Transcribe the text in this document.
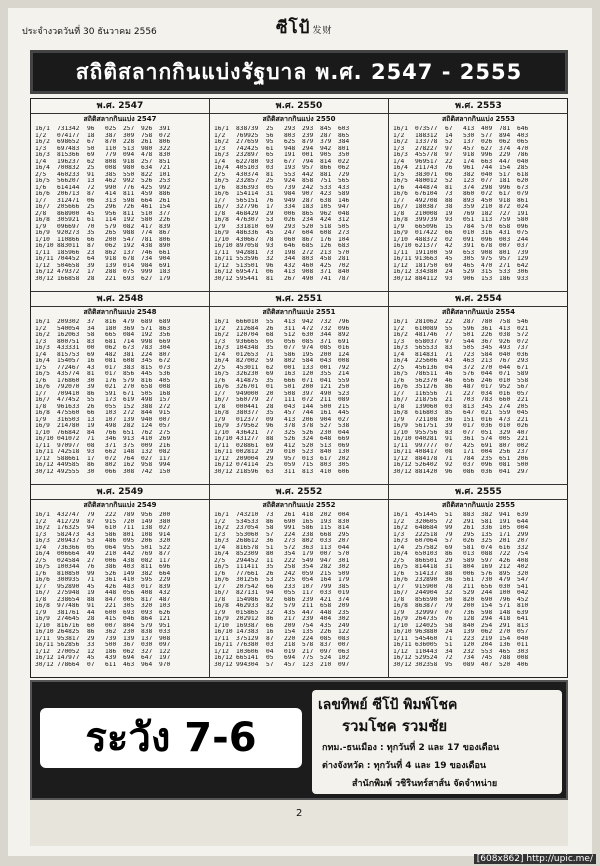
ประจำงวดวันที่ 30 ธันวาคม 2556	ซีโป้ 发财
สถิติสลากกินแบ่งรัฐบาล พ.ศ. 2547 - 2555
พ.ศ. 2547
สถิติสลากกินแบ่ง 2547
16/1	731342	96	025	257	926	391
1/2	074177	18	387	309	758	072
16/2	698652	67	870	228	261	806
1/3	697483	50	110	513	980	322
16/3	815366	69	779	094	478	830
1/4	196237	62	808	918	257	851
16/4	700832	25	008	980	634	721
2/5	460233	91	385	550	822	101
16/5	566207	13	462	992	526	253
1/6	614144	72	990	776	425	992
16/6	206713	87	414	811	459	886
1/7	312471	06	313	598	664	261
16/7	205666	25	296	726	461	154
2/8	868900	45	956	811	510	377
16/8	305921	61	114	192	580	226
1/9	096697	70	579	082	417	839
16/9	920273	35	265	988	774	867
1/10	110866	66	200	547	781	806
16/10 883011	87	062	192	438	890
1/11	185966	23	862	137	746	661
16/11 704452	64	918	678	734	904
1/12	504658	39	139	014	984	691
16/12 479372	17	288	075	999	183
30/12 166858	28	221	693	627	179
พ.ศ. 2550
สถิติสลากกินแบ่ง 2550
16/1	838739	25	293	293	845	603
1/2	769925	56	803	239	287	865
16/2	277659	95	625	879	379	384
1/3	742425	61	948	294	942	801
16/3	232897	65	191	001	905	350
1/4	622780	93	677	794	814	022
16/4	405103	03	193	957	866	062
2/5	430374	81	553	442	881	729
16/5	232857	25	924	858	751	565
1/6	836393	05	739	242	533	433
16/6	154114	31	984	907	423	589
1/7	565151	76	949	287	638	146
16/7	327796	17	334	183	105	947
1/8	468429	29	006	865	962	048
16/8	476307	53	026	234	424	312
1/9	331810	69	293	520	518	505
16/9	486336	45	247	604	608	273
1/10	430667	78	060	867	176	104
16/10 897058	93	646	685	126	683
1/11	942881	73	198	272	213	570
16/11 553596	32	344	803	458	281
1/12	513501	96	432	460	425	702
16/12 695471	06	413	908	371	840
30/12 595441	81	267	490	741	787
พ.ศ. 2553
สถิติสลากกินแบ่ง 2553
16/1	073577	67	413	409	781	646
1/2	188312	14	530	577	894	403
16/2	133778	52	137	026	062	065
1/3	278227	97	457	627	374	470
16/3	455778	97	918	996	229	786
1/4	969517	22	174	663	447	040
16/4	211743	76	961	744	154	285
1/5	383071	06	382	040	517	618
16/5	480012	52	123	077	181	620
1/6	444874	81	374	298	996	673
16/6	676104	73	860	072	617	079
1/7	492708	88	893	450	918	861
16/7	180387	38	359	210	872	024
1/8	210008	19	769	182	727	191
16/8	399739	93	051	113	759	580
1/9	665096	15	784	570	658	096
16/9	017422	66	010	316	431	075
1/10	488372	02	091	096	003	244
16/10 621377	42	391	678	007	037
1/11	191100	59	653	908	801	739
16/11 913663	45	305	975	957	129
1/12	181750	69	465	470	271	642
16/12 334380	24	529	315	533	306
30/12 884112	93	906	153	186	933
พ.ศ. 2548
สถิติสลากกินแบ่ง 2548
16/1	209302	37	816	479	689	689
1/2	540054	34	180	369	571	863
16/2	162063	58	665	084	192	356
1/3	800751	83	681	714	998	669
16/3	433331	00	062	673	783	304
1/4	815753	69	482	381	224	807
16/4	154057	16	081	608	345	672
1/5	772467	43	017	383	815	073
16/5	435774	81	017	856	445	536
1/6	176860	30	176	579	816	405
16/6	792070	39	021	270	658	008
1/7	709410	86	591	671	505	168
16/7	477452	55	173	619	498	157
1/8	961633	26	055	152	388	272
16/8	475560	66	103	272	844	915
1/9	316503	13	107	139	940	007
16/9	214780	19	498	282	124	057
1/10	766842	84	766	651	762	275
16/10 041072	71	346	913	410	269
1/11	970977	08	371	375	009	216
16/11 742518	93	662	148	132	082
1/12	588661	17	072	764	027	117
16/12 449585	86	802	162	958	994
30/12 492555	30	066	308	742	150
พ.ศ. 2551
สถิติสลากกินแบ่ง 2551
16/1	666010	55	413	942	732	796
1/2	212684	26	311	472	732	096
16/2	120704	68	512	630	344	892
1/3	936665	05	056	085	371	691
16/3	104348	35	077	974	085	016
1/4	012653	71	586	195	200	124
16/4	827002	59	802	584	043	008
2/5	453011	62	001	133	001	792
16/5	326230	69	163	120	355	214
1/6	414875	35	666	071	041	559
16/6	326701	01	501	200	121	250
1/7	949000	20	508	397	490	523
16/7	560779	27	111	072	211	089
1/8	000441	28	043	144	500	215
16/8	380377	35	457	744	161	445
1/9	012377	09	413	206	904	027
16/9	379562	96	378	378	527	538
1/10	436421	77	325	526	230	044
16/10 431277	88	526	324	648	669
1/11	028861	69	412	520	513	069
16/11 002812	29	010	523	840	130
1/12	209004	29	957	013	617	202
16/12 074114	25	059	715	803	305
30/12 218596	63	311	813	410	606
พ.ศ. 2554
สถิติสลากกินแบ่ง 2554
16/1	281062	22	287	780	758	546
1/2	610089	55	596	361	413	021
16/2	481746	77	501	226	038	572
1/3	658037	97	544	367	926	072
16/3	565533	83	505	345	493	737
1/4	814831	71	723	584	040	036
16/4	225606	43	463	213	767	293
2/5	456136	04	372	270	044	671
16/5	786511	46	576	044	071	589
1/6	562370	46	656	246	010	558
16/6	351276	86	487	017	952	567
1/7	116556	71	227	034	016	057
16/7	218756	21	703	783	660	221
1/8	139060	03	813	345	274	205
16/8	616803	85	647	021	559	045
1/9	721108	36	151	016	473	221
16/9	561751	39	017	036	010	026
1/10	955756	83	077	051	329	407
16/10 040281	91	361	574	005	221
1/11	997777	07	425	691	807	002
16/11 408417	08	171	004	256	237
1/12	884178	71	784	235	651	206
16/12 526402	92	037	096	081	500
30/12 881420	96	086	036	041	297
พ.ศ. 2549
สถิติสลากกินแบ่ง 2549
16/1	432747	79	222	789	956	200
1/2	412729	87	915	720	149	380
16/2	176325	94	610	711	138	027
1/3	582473	43	586	801	108	914
16/3	209437	53	486	095	206	320
1/4	736366	05	064	955	501	522
16/4	006664	49	210	442	769	877
2/5	024584	27	006	438	082	117
16/5	100344	76	386	403	811	696
1/6	810850	99	526	149	382	664
16/6	300935	71	361	410	595	229
1/7	952890	45	426	483	017	839
16/7	275948	19	448	056	408	432
1/8	238654	88	847	005	817	487
16/8	977486	91	221	305	320	103
1/9	381761	44	600	693	093	626
16/9	274645	28	415	046	864	121
1/10	816716	60	007	804	579	951
16/10 264825	86	362	230	838	033
1/11	953817	29	739	139	137	908
16/11 562856	33	500	367	030	097
1/12	270052	12	186	062	327	122
16/12 147977	45	439	694	647	197
30/12 778664	07	611	463	964	970
พ.ศ. 2552
สถิติสลากกินแบ่ง 2552
16/1	743210	73	261	418	202	004
1/2	534533	86	690	165	193	830
16/2	237054	58	991	586	115	814
1/3	553060	57	224	238	668	295
16/3	268612	36	273	802	033	207
1/4	816578	51	572	363	113	044
16/4	852309	80	354	179	007	570
2/5	294452	11	222	549	947	301
16/5	111411	35	258	354	282	302
1/6	777661	26	242	059	215	509
16/6	301256	53	225	054	164	179
1/7	207542	66	233	107	799	385
16/7	827131	94	055	117	033	019
1/8	154986	92	686	239	421	374
16/8	462933	82	579	211	658	209
1/9	015865	32	435	447	448	235
16/9	202912	86	217	239	404	302
1/10	169387	66	209	754	435	249
16/10 147383	16	154	135	226	122
1/11	375129	87	220	224	085	083
16/11 776380	03	218	578	837	007
1/12	103606	04	019	217	097	063
16/12 665141	05	694	775	524	102
30/12 994304	57	457	123	210	097
พ.ศ. 2555
สถิติสลากกินแบ่ง 2555
16/1	451445	51	883	382	941	639
1/2	320605	72	291	581	191	644
16/2	648684	99	261	336	105	004
1/3	222518	79	295	135	171	299
16/3	607064	57	026	325	201	207
1/4	257582	69	581	074	616	332
16/4	650103	86	013	088	722	754
2/5	866501	29	589	597	426	408
16/5	814418	31	804	169	212	402
1/6	514137	88	006	576	895	320
16/6	232890	36	561	730	479	547
1/7	915900	78	211	656	030	541
16/7	244904	32	529	244	100	042
1/8	856590	50	820	690	796	452
16/8	863877	79	200	154	571	810
1/9	329997	07	736	598	148	639
16/9	264735	76	128	294	418	641
1/10	124025	58	840	254	291	813
16/10 963880	24	139	062	270	057
1/11	545460	71	223	219	154	040
16/11 636005	51	120	204	136	011
1/12	110443	34	232	553	465	303
16/12 529524	72	734	745	788	008
30/12 302358	95	089	407	520	406
ระวัง 7-6
เลขทิพย์ ซีโป้ พิมพ์โชค
รวมโชค รวมชัย
กทม.-ธนเมือง : ทุกวันที่ 2 และ 17 ของเดือน
ต่างจังหวัด : ทุกวันที่ 4 และ 19 ของเดือน
สำนักพิมพ์ วชิรินทร์สาส์น จัดจำหน่าย
2
[608x862] http://upic.me/
